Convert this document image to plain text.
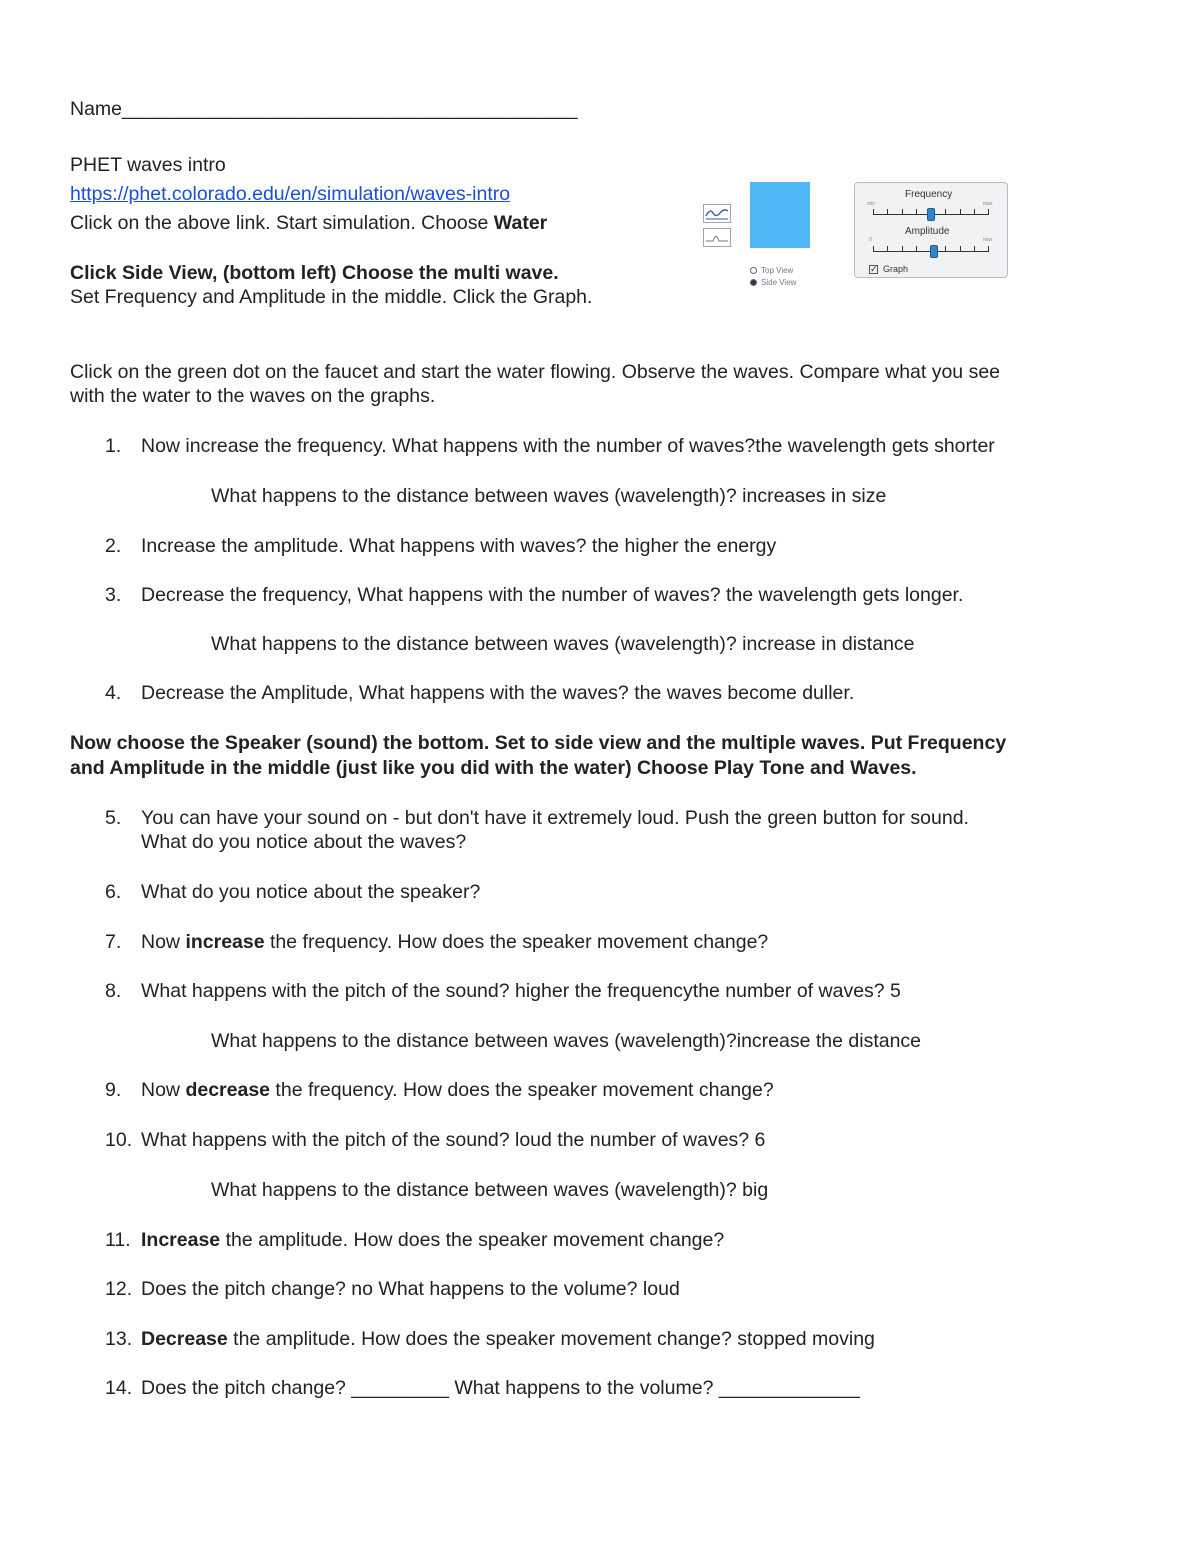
Name__________________________________________
PHET waves intro
https://phet.colorado.edu/en/simulation/waves-intro
Click on the above link. Start simulation. Choose Water
Click Side View, (bottom left) Choose the multi wave.
Set Frequency and Amplitude in the middle. Click the Graph.
Top View
Side View
Frequency
min	max
Amplitude
0	max
✓ Graph
Click on the green dot on the faucet and start the water flowing. Observe the waves. Compare what you see
with the water to the waves on the graphs.
1. Now increase the frequency. What happens with the number of waves?the wavelength gets shorter
What happens to the distance between waves (wavelength)? increases in size
2. Increase the amplitude. What happens with waves? the higher the energy
3. Decrease the frequency, What happens with the number of waves? the wavelength gets longer.
What happens to the distance between waves (wavelength)? increase in distance
4. Decrease the Amplitude, What happens with the waves? the waves become duller.
Now choose the Speaker (sound) the bottom. Set to side view and the multiple waves. Put Frequency
and Amplitude in the middle (just like you did with the water) Choose Play Tone and Waves.
5. You can have your sound on - but don't have it extremely loud. Push the green button for sound.
What do you notice about the waves?
6. What do you notice about the speaker?
7. Now increase the frequency. How does the speaker movement change?
8. What happens with the pitch of the sound? higher the frequencythe number of waves? 5
What happens to the distance between waves (wavelength)?increase the distance
9. Now decrease the frequency. How does the speaker movement change?
10. What happens with the pitch of the sound? loud the number of waves? 6
What happens to the distance between waves (wavelength)? big
11. Increase the amplitude. How does the speaker movement change?
12. Does the pitch change? no What happens to the volume? loud
13. Decrease the amplitude. How does the speaker movement change? stopped moving
14. Does the pitch change? _________ What happens to the volume? _____________
